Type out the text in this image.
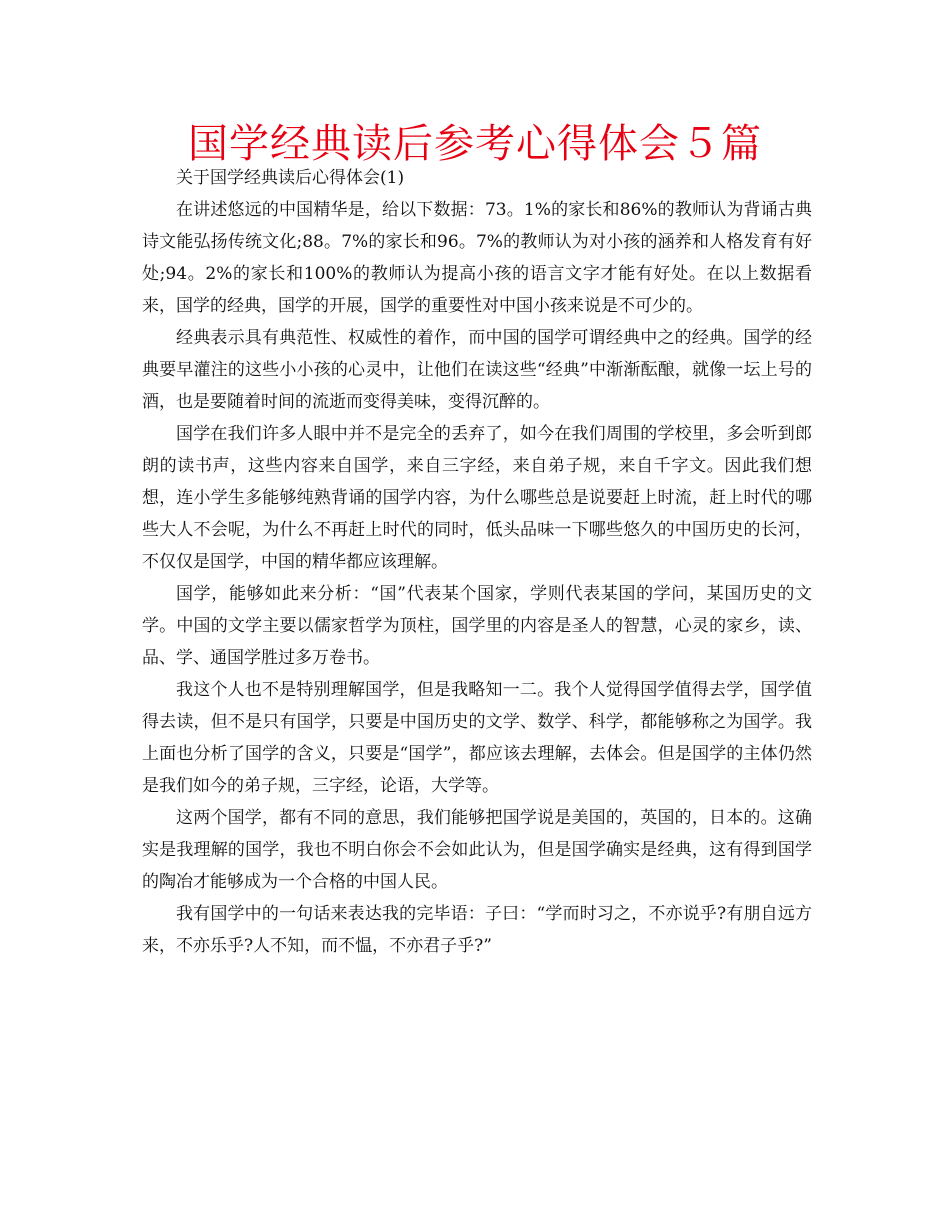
国学经典读后参考心得体会５篇

关于国学经典读后心得体会(1)

在讲述悠远的中国精华是，给以下数据：73。1%的家长和86%的教师认为背诵古典诗文能弘扬传统文化;88。7%的家长和96。7%的教师认为对小孩的涵养和人格发育有好处;94。2%的家长和100%的教师认为提高小孩的语言文字才能有好处。在以上数据看来，国学的经典，国学的开展，国学的重要性对中国小孩来说是不可少的。

经典表示具有典范性、权威性的着作，而中国的国学可谓经典中之的经典。国学的经典要早灌注的这些小小孩的心灵中，让他们在读这些“经典”中渐渐酝酿，就像一坛上号的酒，也是要随着时间的流逝而变得美味，变得沉醉的。

国学在我们许多人眼中并不是完全的丢弃了，如今在我们周围的学校里，多会听到郎朗的读书声，这些内容来自国学，来自三字经，来自弟子规，来自千字文。因此我们想想，连小学生多能够纯熟背诵的国学内容，为什么哪些总是说要赶上时流，赶上时代的哪些大人不会呢，为什么不再赶上时代的同时，低头品味一下哪些悠久的中国历史的长河，不仅仅是国学，中国的精华都应该理解。

国学，能够如此来分析：“国”代表某个国家，学则代表某国的学问，某国历史的文学。中国的文学主要以儒家哲学为顶柱，国学里的内容是圣人的智慧，心灵的家乡，读、品、学、通国学胜过多万卷书。

我这个人也不是特别理解国学，但是我略知一二。我个人觉得国学值得去学，国学值得去读，但不是只有国学，只要是中国历史的文学、数学、科学，都能够称之为国学。我上面也分析了国学的含义，只要是“国学”，都应该去理解，去体会。但是国学的主体仍然是我们如今的弟子规，三字经，论语，大学等。

这两个国学，都有不同的意思，我们能够把国学说是美国的，英国的，日本的。这确实是我理解的国学，我也不明白你会不会如此认为，但是国学确实是经典，这有得到国学的陶冶才能够成为一个合格的中国人民。

我有国学中的一句话来表达我的完毕语：子曰：“学而时习之，不亦说乎?有朋自远方来，不亦乐乎?人不知，而不愠，不亦君子乎?”
